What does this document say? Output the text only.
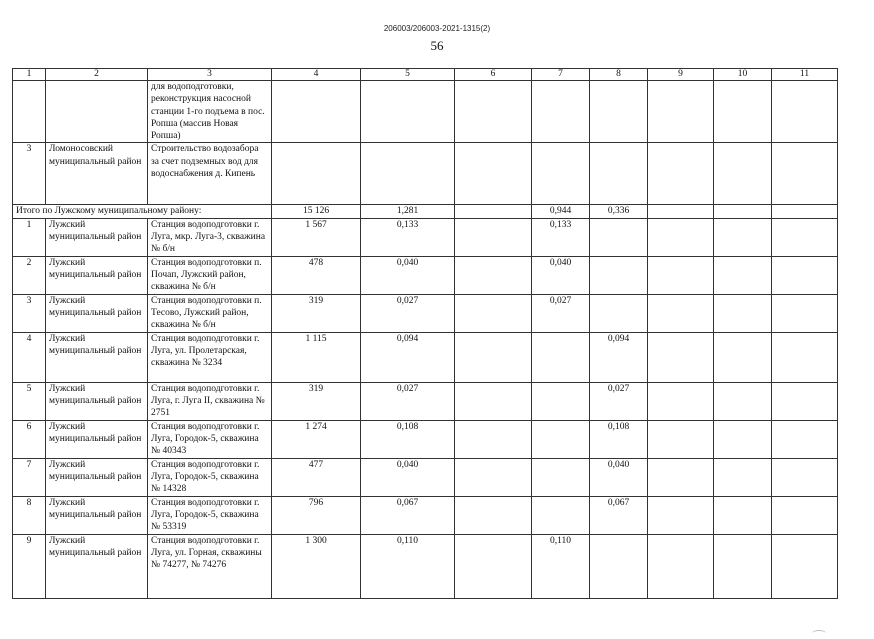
206003/206003-2021-1315(2)
56
1	2	3	4	5	6	7	8	9	10	11
		для водоподготовки, реконструкция насосной станции 1-го подъема в пос. Ропша (массив Новая Ропша)								
3	Ломоносовский муниципальный район	Строительство водозабора за счет подземных вод для водоснабжения д. Кипень								
Итого по Лужскому муниципальному району:			15 126	1,281		0,944	0,336			
1	Лужский муниципальный район	Станция водоподготовки г. Луга, мкр. Луга-3, скважина № б/н	1 567	0,133		0,133				
2	Лужский муниципальный район	Станция водоподготовки п. Почап, Лужский район, скважина № б/н	478	0,040		0,040				
3	Лужский муниципальный район	Станция водоподготовки п. Тесово, Лужский район, скважина № б/н	319	0,027		0,027				
4	Лужский муниципальный район	Станция водоподготовки г. Луга, ул. Пролетарская, скважина № 3234	1 115	0,094			0,094			
5	Лужский муниципальный район	Станция водоподготовки г. Луга, г. Луга II, скважина № 2751	319	0,027			0,027			
6	Лужский муниципальный район	Станция водоподготовки г. Луга, Городок-5, скважина № 40343	1 274	0,108			0,108			
7	Лужский муниципальный район	Станция водоподготовки г. Луга, Городок-5, скважина № 14328	477	0,040			0,040			
8	Лужский муниципальный район	Станция водоподготовки г. Луга, Городок-5, скважина № 53319	796	0,067			0,067			
9	Лужский муниципальный район	Станция водоподготовки г. Луга, ул. Горная, скважины № 74277, № 74276	1 300	0,110		0,110				
